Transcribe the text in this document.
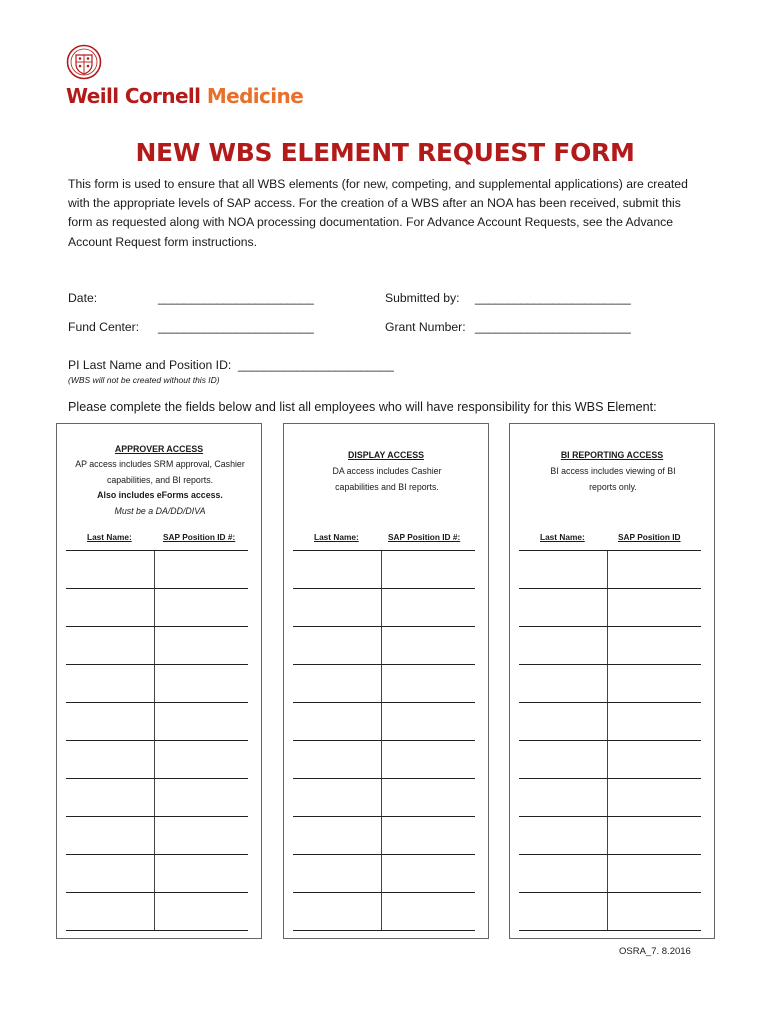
Weill Cornell Medicine
NEW WBS ELEMENT REQUEST FORM
This form is used to ensure that all WBS elements (for new, competing, and supplemental applications) are created with the appropriate levels of SAP access. For the creation of a WBS after an NOA has been received, submit this form as requested along with NOA processing documentation. For Advance Account Requests, see the Advance Account Request form instructions.
Date:	________________________	Submitted by: ________________________
Fund Center: ________________________	Grant Number: ________________________
PI Last Name and Position ID: ________________________
(WBS will not be created without this ID)
Please complete the fields below and list all employees who will have responsibility for this WBS Element:
APPROVER ACCESS
AP access includes SRM approval, Cashier capabilities, and BI reports.
Also includes eForms access.
Must be a DA/DD/DIVA
Last Name:	SAP Position ID #:
DISPLAY ACCESS
DA access includes Cashier capabilities and BI reports.
Last Name:	SAP Position ID #:
BI REPORTING ACCESS
BI access includes viewing of BI reports only.
Last Name:	SAP Position ID
OSRA_7. 8.2016
